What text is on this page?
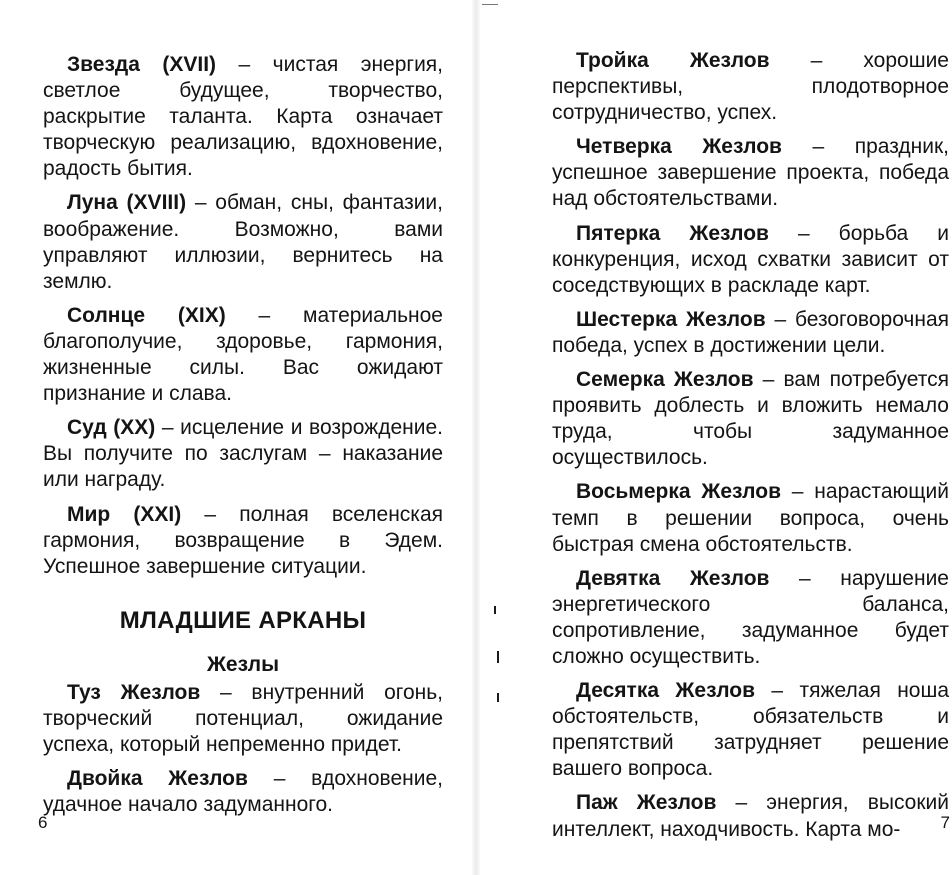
Звезда (XVII) – чистая энергия, светлое будущее, творчество, раскрытие таланта. Карта означает творческую реализацию, вдохновение, радость бытия.

Луна (XVIII) – обман, сны, фантазии, воображение. Возможно, вами управляют иллюзии, вернитесь на землю.

Солнце (XIX) – материальное благополучие, здоровье, гармония, жизненные силы. Вас ожидают признание и слава.

Суд (XX) – исцеление и возрождение. Вы получите по заслугам – наказание или награду.

Мир (XXI) – полная вселенская гармония, возвращение в Эдем. Успешное завершение ситуации.

МЛАДШИЕ АРКАНЫ
Жезлы

Туз Жезлов – внутренний огонь, творческий потенциал, ожидание успеха, который непременно придет.

Двойка Жезлов – вдохновение, удачное начало задуманного.

6

Тройка Жезлов – хорошие перспективы, плодотворное сотрудничество, успех.

Четверка Жезлов – праздник, успешное завершение проекта, победа над обстоятельствами.

Пятерка Жезлов – борьба и конкуренция, исход схватки зависит от соседствующих в раскладе карт.

Шестерка Жезлов – безоговорочная победа, успех в достижении цели.

Семерка Жезлов – вам потребуется проявить доблесть и вложить немало труда, чтобы задуманное осуществилось.

Восьмерка Жезлов – нарастающий темп в решении вопроса, очень быстрая смена обстоятельств.

Девятка Жезлов – нарушение энергетического баланса, сопротивление, задуманное будет сложно осуществить.

Десятка Жезлов – тяжелая ноша обстоятельств, обязательств и препятствий затрудняет решение вашего вопроса.

Паж Жезлов – энергия, высокий интеллект, находчивость. Карта мо-	7
